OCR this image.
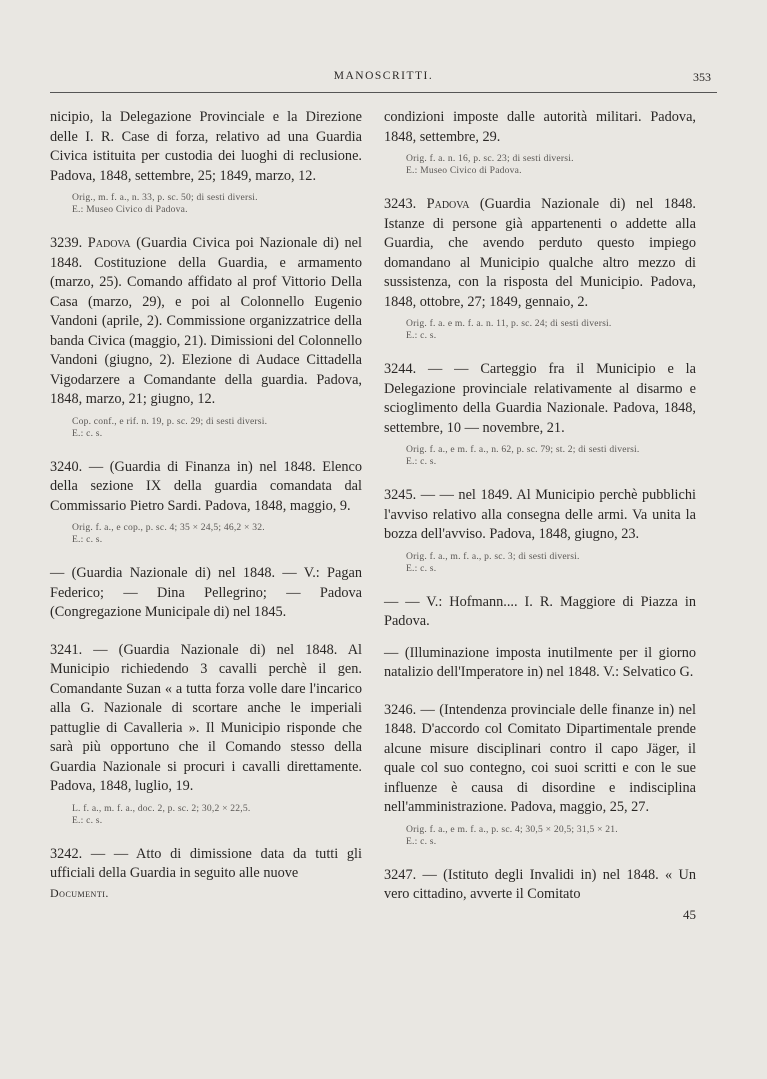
MANOSCRITTI.	353

nicipio, la Delegazione Provinciale e la Direzione delle I. R. Case di forza, relativo ad una Guardia Civica istituita per custodia dei luoghi di reclusione. Padova, 1848, settembre, 25; 1849, marzo, 12.

Orig., m. f. a., n. 33, p. sc. 50; di sesti diversi.
E.: Museo Civico di Padova.

3239. Padova (Guardia Civica poi Nazionale di) nel 1848. Costituzione della Guardia, e armamento (marzo, 25). Comando affidato al prof Vittorio Della Casa (marzo, 29), e poi al Colonnello Eugenio Vandoni (aprile, 2). Commissione organizzatrice della banda Civica (maggio, 21). Dimissioni del Colonnello Vandoni (giugno, 2). Elezione di Audace Cittadella Vigodarzere a Comandante della guardia. Padova, 1848, marzo, 21; giugno, 12.

Cop. conf., e rif. n. 19, p. sc. 29; di sesti diversi.
E.: c. s.

3240. — (Guardia di Finanza in) nel 1848. Elenco della sezione IX della guardia comandata dal Commissario Pietro Sardi. Padova, 1848, maggio, 9.

Orig. f. a., e cop., p. sc. 4; 35 × 24,5; 46,2 × 32.
E.: c. s.

— (Guardia Nazionale di) nel 1848. — V.: Pagan Federico; — Dina Pellegrino; — Padova (Congregazione Municipale di) nel 1845.

3241. — (Guardia Nazionale di) nel 1848. Al Municipio richiedendo 3 cavalli perchè il gen. Comandante Suzan « a tutta forza volle dare l'incarico alla G. Nazionale di scortare anche le imperiali pattuglie di Cavalleria ». Il Municipio risponde che sarà più opportuno che il Comando stesso della Guardia Nazionale si procuri i cavalli direttamente. Padova, 1848, luglio, 19.

L. f. a., m. f. a., doc. 2, p. sc. 2; 30,2 × 22,5.
E.: c. s.

3242. — — Atto di dimissione data da tutti gli ufficiali della Guardia in seguito alle nuove

Documenti.

condizioni imposte dalle autorità militari. Padova, 1848, settembre, 29.

Orig. f. a. n. 16, p. sc. 23; di sesti diversi.
E.: Museo Civico di Padova.

3243. Padova (Guardia Nazionale di) nel 1848. Istanze di persone già appartenenti o addette alla Guardia, che avendo perduto questo impiego domandano al Municipio qualche altro mezzo di sussistenza, con la risposta del Municipio. Padova, 1848, ottobre, 27; 1849, gennaio, 2.

Orig. f. a. e m. f. a. n. 11, p. sc. 24; di sesti diversi.
E.: c. s.

3244. — — Carteggio fra il Municipio e la Delegazione provinciale relativamente al disarmo e scioglimento della Guardia Nazionale. Padova, 1848, settembre, 10 — novembre, 21.

Orig. f. a., e m. f. a., n. 62, p. sc. 79; st. 2; di sesti diversi.
E.: c. s.

3245. — — nel 1849. Al Municipio perchè pubblichi l'avviso relativo alla consegna delle armi. Va unita la bozza dell'avviso. Padova, 1848, giugno, 23.

Orig. f. a., m. f. a., p. sc. 3; di sesti diversi.
E.: c. s.

— — V.: Hofmann.... I. R. Maggiore di Piazza in Padova.

— (Illuminazione imposta inutilmente per il giorno natalizio dell'Imperatore in) nel 1848. V.: Selvatico G.

3246. — (Intendenza provinciale delle finanze in) nel 1848. D'accordo col Comitato Dipartimentale prende alcune misure disciplinari contro il capo Jäger, il quale col suo contegno, coi suoi scritti e con le sue influenze è causa di disordine e indisciplina nell'amministrazione. Padova, maggio, 25, 27.

Orig. f. a., e m. f. a., p. sc. 4; 30,5 × 20,5; 31,5 × 21.
E.: c. s.

3247. — (Istituto degli Invalidi in) nel 1848. « Un vero cittadino, avverte il Comitato

45
